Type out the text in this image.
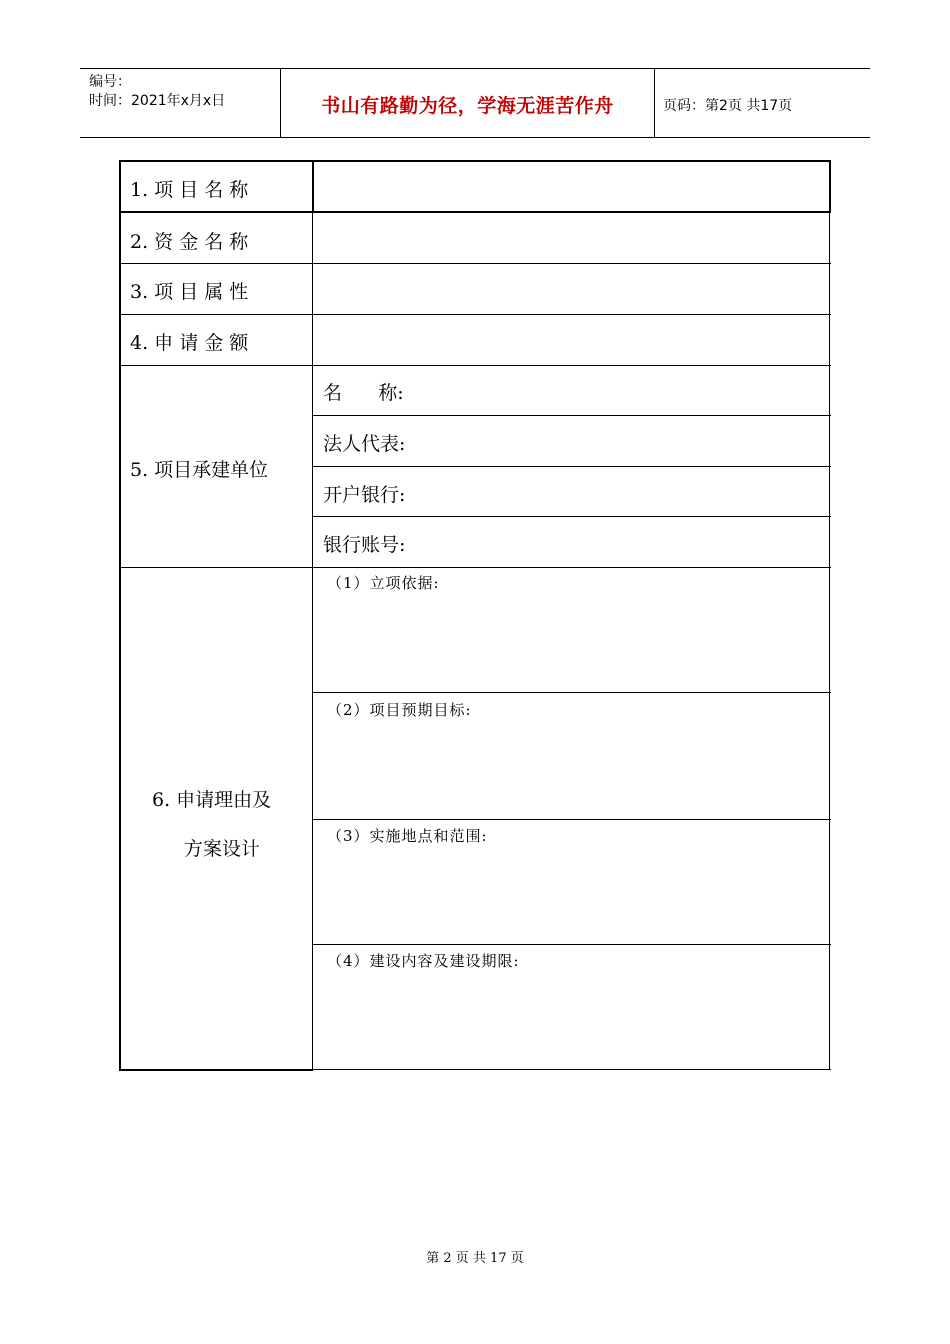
编号：
时间：2021年x月x日	书山有路勤为径，学海无涯苦作舟	页码：第2页 共17页
1. 项 目 名 称
2. 资 金 名 称
3. 项 目 属 性
4. 申 请 金 额
5. 项目承建单位
名      称:
法人代表:
开户银行:
银行账号:
6. 申请理由及
方案设计
（1）立项依据:
（2）项目预期目标:
（3）实施地点和范围:
（4）建设内容及建设期限:
第 2 页 共 17 页
